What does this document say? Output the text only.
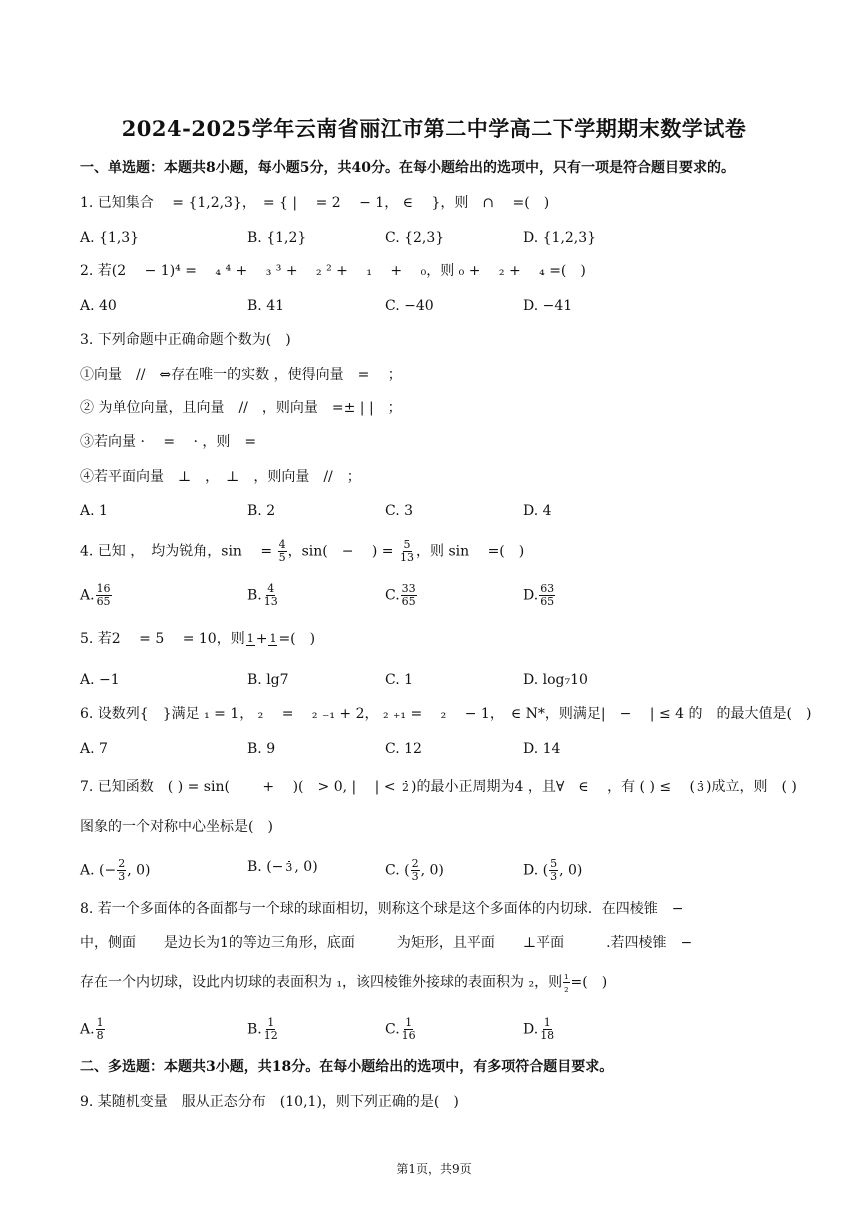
2024-2025学年云南省丽江市第二中学高二下学期期末数学试卷
一、单选题：本题共8小题，每小题5分，共40分。在每小题给出的选项中，只有一项是符合题目要求的。
1. 已知集合 　= {1,2,3}，　= { | 　= 2 　− 1， ∈ 　}，则　∩ 　=(　)
A. {1,3}	B. {1,2}	C. {2,3}	D. {1,2,3}
2. 若(2 　− 1)⁴ = 　₄ ⁴ + 　₃ ³ + 　₂ ² + 　₁ 　+ 　₀，则 ₀ + 　₂ + 　₄ =(　)
A. 40	B. 41	C. −40	D. −41
3. 下列命题中正确命题个数为(　)
①向量　//　⇔存在唯一的实数 ，使得向量　= 　；
② 为单位向量，且向量　//　，则向量　=± | |　；
③若向量 · 　= 　· ，则　=
④若平面向量　⊥　，　⊥　，则向量　//　；
A. 1	B. 2	C. 3	D. 4
4. 已知 ，　均为锐角，sin 　= $\frac{4}{5}$ ，sin(　− 　) = $\frac{5}{13}$ ，则 sin 　=(　)
A. $\frac{16}{65}$	B. $\frac{4}{13}$	C. $\frac{33}{65}$	D. $\frac{63}{65}$
5. 若2 　= 5 　= 10，则 1 + 1 =(　)
A. −1	B. lg7	C. 1	D. log₇10
6. 设数列{　}满足 ₁ = 1， ₂ 　= 　₂ ₋₁ + 2， ₂ ₊₁ = 　₂ 　− 1，　∈ N*，则满足|　− 　| ≤ 4 的　的最大值是(　)
A. 7	B. 9	C. 12	D. 14
7. 已知函数　( ) = sin(　 　+ 　)(　> 0, | 　| < 2 )的最小正周期为4 ，且∀　∈ 　，有 ( ) ≤ 　( 3 )成立，则　( )
图象的一个对称中心坐标是(　)
A. (− $\frac{2}{3}$ , 0)	B. (− 3 , 0)	C. ( $\frac{2}{3}$ , 0)	D. ( $\frac{5}{3}$ , 0)
8. 若一个多面体的各面都与一个球的球面相切，则称这个球是这个多面体的内切球．在四棱锥　−
中，侧面　　是边长为1的等边三角形，底面　　　为矩形，且平面　　⊥平面　　　.若四棱锥　−
存在一个内切球，设此内切球的表面积为 ₁，该四棱锥外接球的表面积为 ₂，则 $\frac{\text{₁}}{\text{₂}}$ =(　)
A. $\frac{1}{8}$	B. $\frac{1}{12}$	C. $\frac{1}{16}$	D. $\frac{1}{18}$
二、多选题：本题共3小题，共18分。在每小题给出的选项中，有多项符合题目要求。
9. 某随机变量　服从正态分布　(10,1)，则下列正确的是(　)
第1页，共9页
